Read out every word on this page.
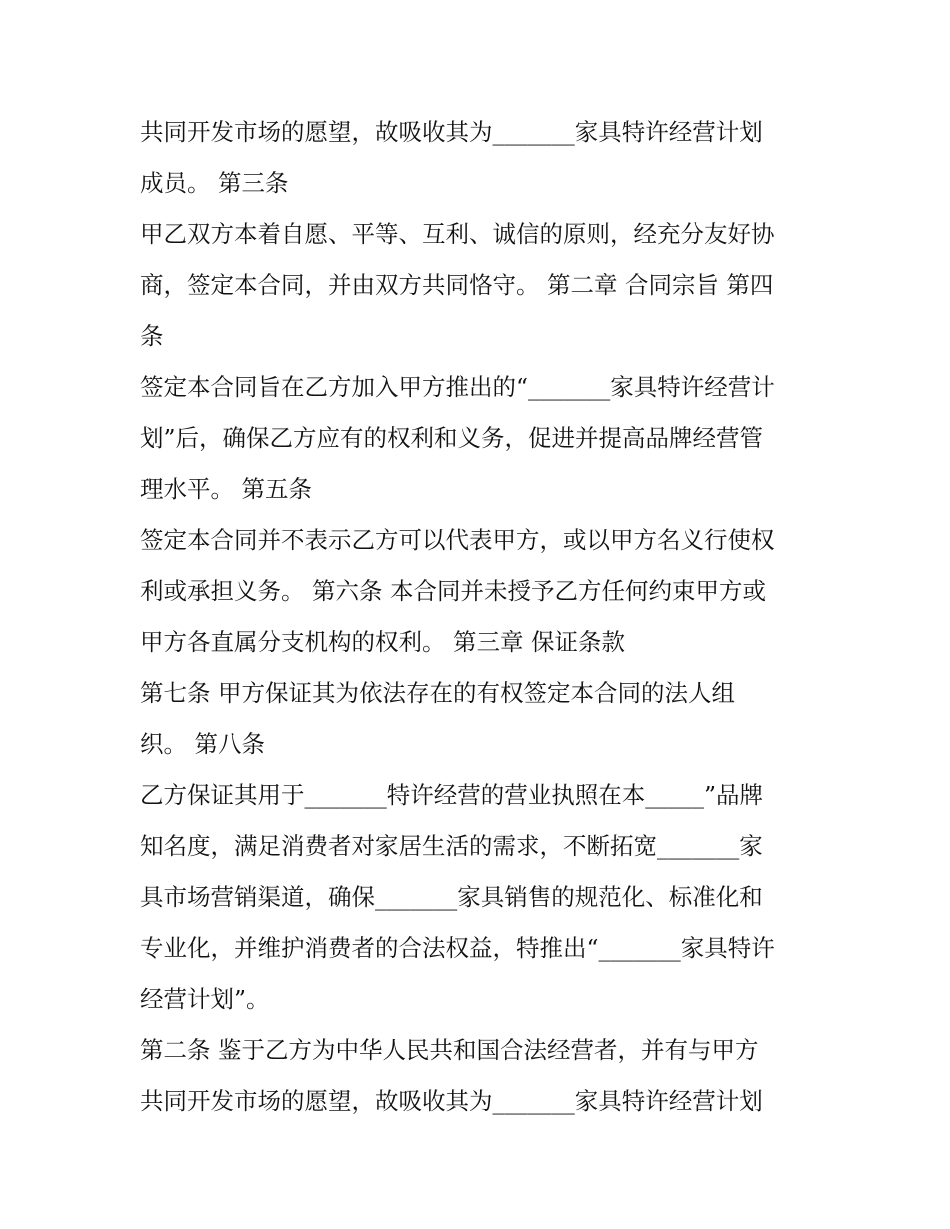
共同开发市场的愿望，故吸收其为_______家具特许经营计划
成员。 第三条
甲乙双方本着自愿、平等、互利、诚信的原则，经充分友好协
商，签定本合同，并由双方共同恪守。 第二章 合同宗旨 第四
条
签定本合同旨在乙方加入甲方推出的“_______家具特许经营计
划”后，确保乙方应有的权利和义务，促进并提高品牌经营管
理水平。 第五条
签定本合同并不表示乙方可以代表甲方，或以甲方名义行使权
利或承担义务。 第六条 本合同并未授予乙方任何约束甲方或
甲方各直属分支机构的权利。 第三章 保证条款
第七条 甲方保证其为依法存在的有权签定本合同的法人组
织。 第八条
乙方保证其用于_______特许经营的营业执照在本_____”品牌
知名度，满足消费者对家居生活的需求，不断拓宽_______家
具市场营销渠道，确保_______家具销售的规范化、标准化和
专业化，并维护消费者的合法权益，特推出“_______家具特许
经营计划”。
第二条 鉴于乙方为中华人民共和国合法经营者，并有与甲方
共同开发市场的愿望，故吸收其为_______家具特许经营计划
